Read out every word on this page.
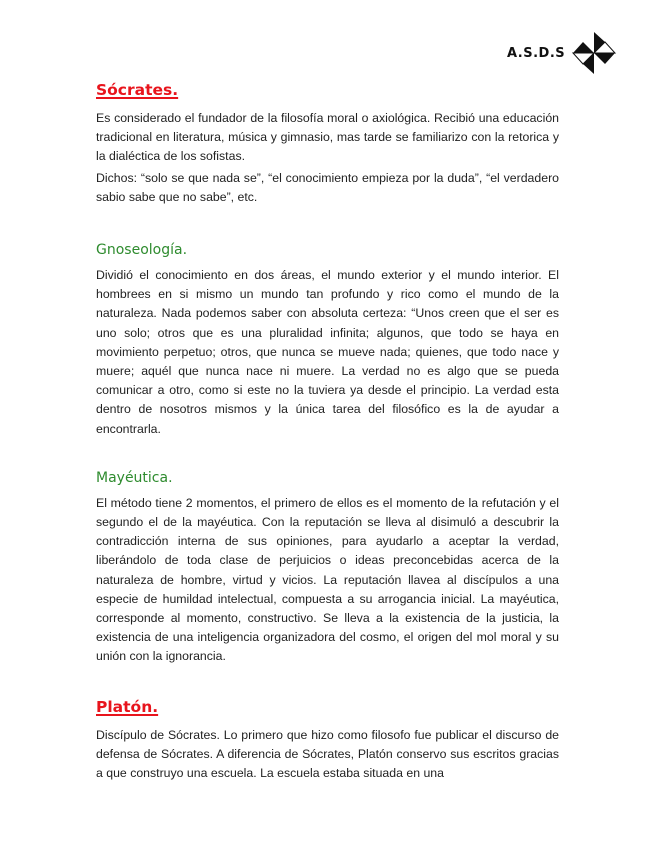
A.S.D.S
Sócrates.

Es considerado el fundador de la filosofía moral o axiológica. Recibió una educación tradicional en literatura, música y gimnasio, mas tarde se familiarizo con la retorica y la dialéctica de los sofistas.

Dichos: “solo se que nada se”, “el conocimiento empieza por la duda”, “el verdadero sabio sabe que no sabe”, etc.

Gnoseología.

Dividió el conocimiento en dos áreas, el mundo exterior y el mundo interior. El hombrees en si mismo un mundo tan profundo y rico como el mundo de la naturaleza. Nada podemos saber con absoluta certeza: “Unos creen que el ser es uno solo; otros que es una pluralidad infinita; algunos, que todo se haya en movimiento perpetuo; otros, que nunca se mueve nada; quienes, que todo nace y muere; aquél que nunca nace ni muere. La verdad no es algo que se pueda comunicar a otro, como si este no la tuviera ya desde el principio. La verdad esta dentro de nosotros mismos y la única tarea del filosófico es la de ayudar a encontrarla.

Mayéutica.

El método tiene 2 momentos, el primero de ellos es el momento de la refutación y el segundo el de la mayéutica. Con la reputación se lleva al disimuló a descubrir la contradicción interna de sus opiniones, para ayudarlo a aceptar la verdad, liberándolo de toda clase de perjuicios o ideas preconcebidas acerca de la naturaleza de hombre, virtud y vicios. La reputación llavea al discípulos a una especie de humildad intelectual, compuesta a su arrogancia inicial. La mayéutica, corresponde al momento, constructivo. Se lleva a la existencia de la justicia, la existencia de una inteligencia organizadora del cosmo, el origen del mol moral y su unión con la ignorancia.

Platón.

Discípulo de Sócrates. Lo primero que hizo como filosofo fue publicar el discurso de defensa de Sócrates. A diferencia de Sócrates, Platón conservo sus escritos gracias a que construyo una escuela. La escuela estaba situada en una
